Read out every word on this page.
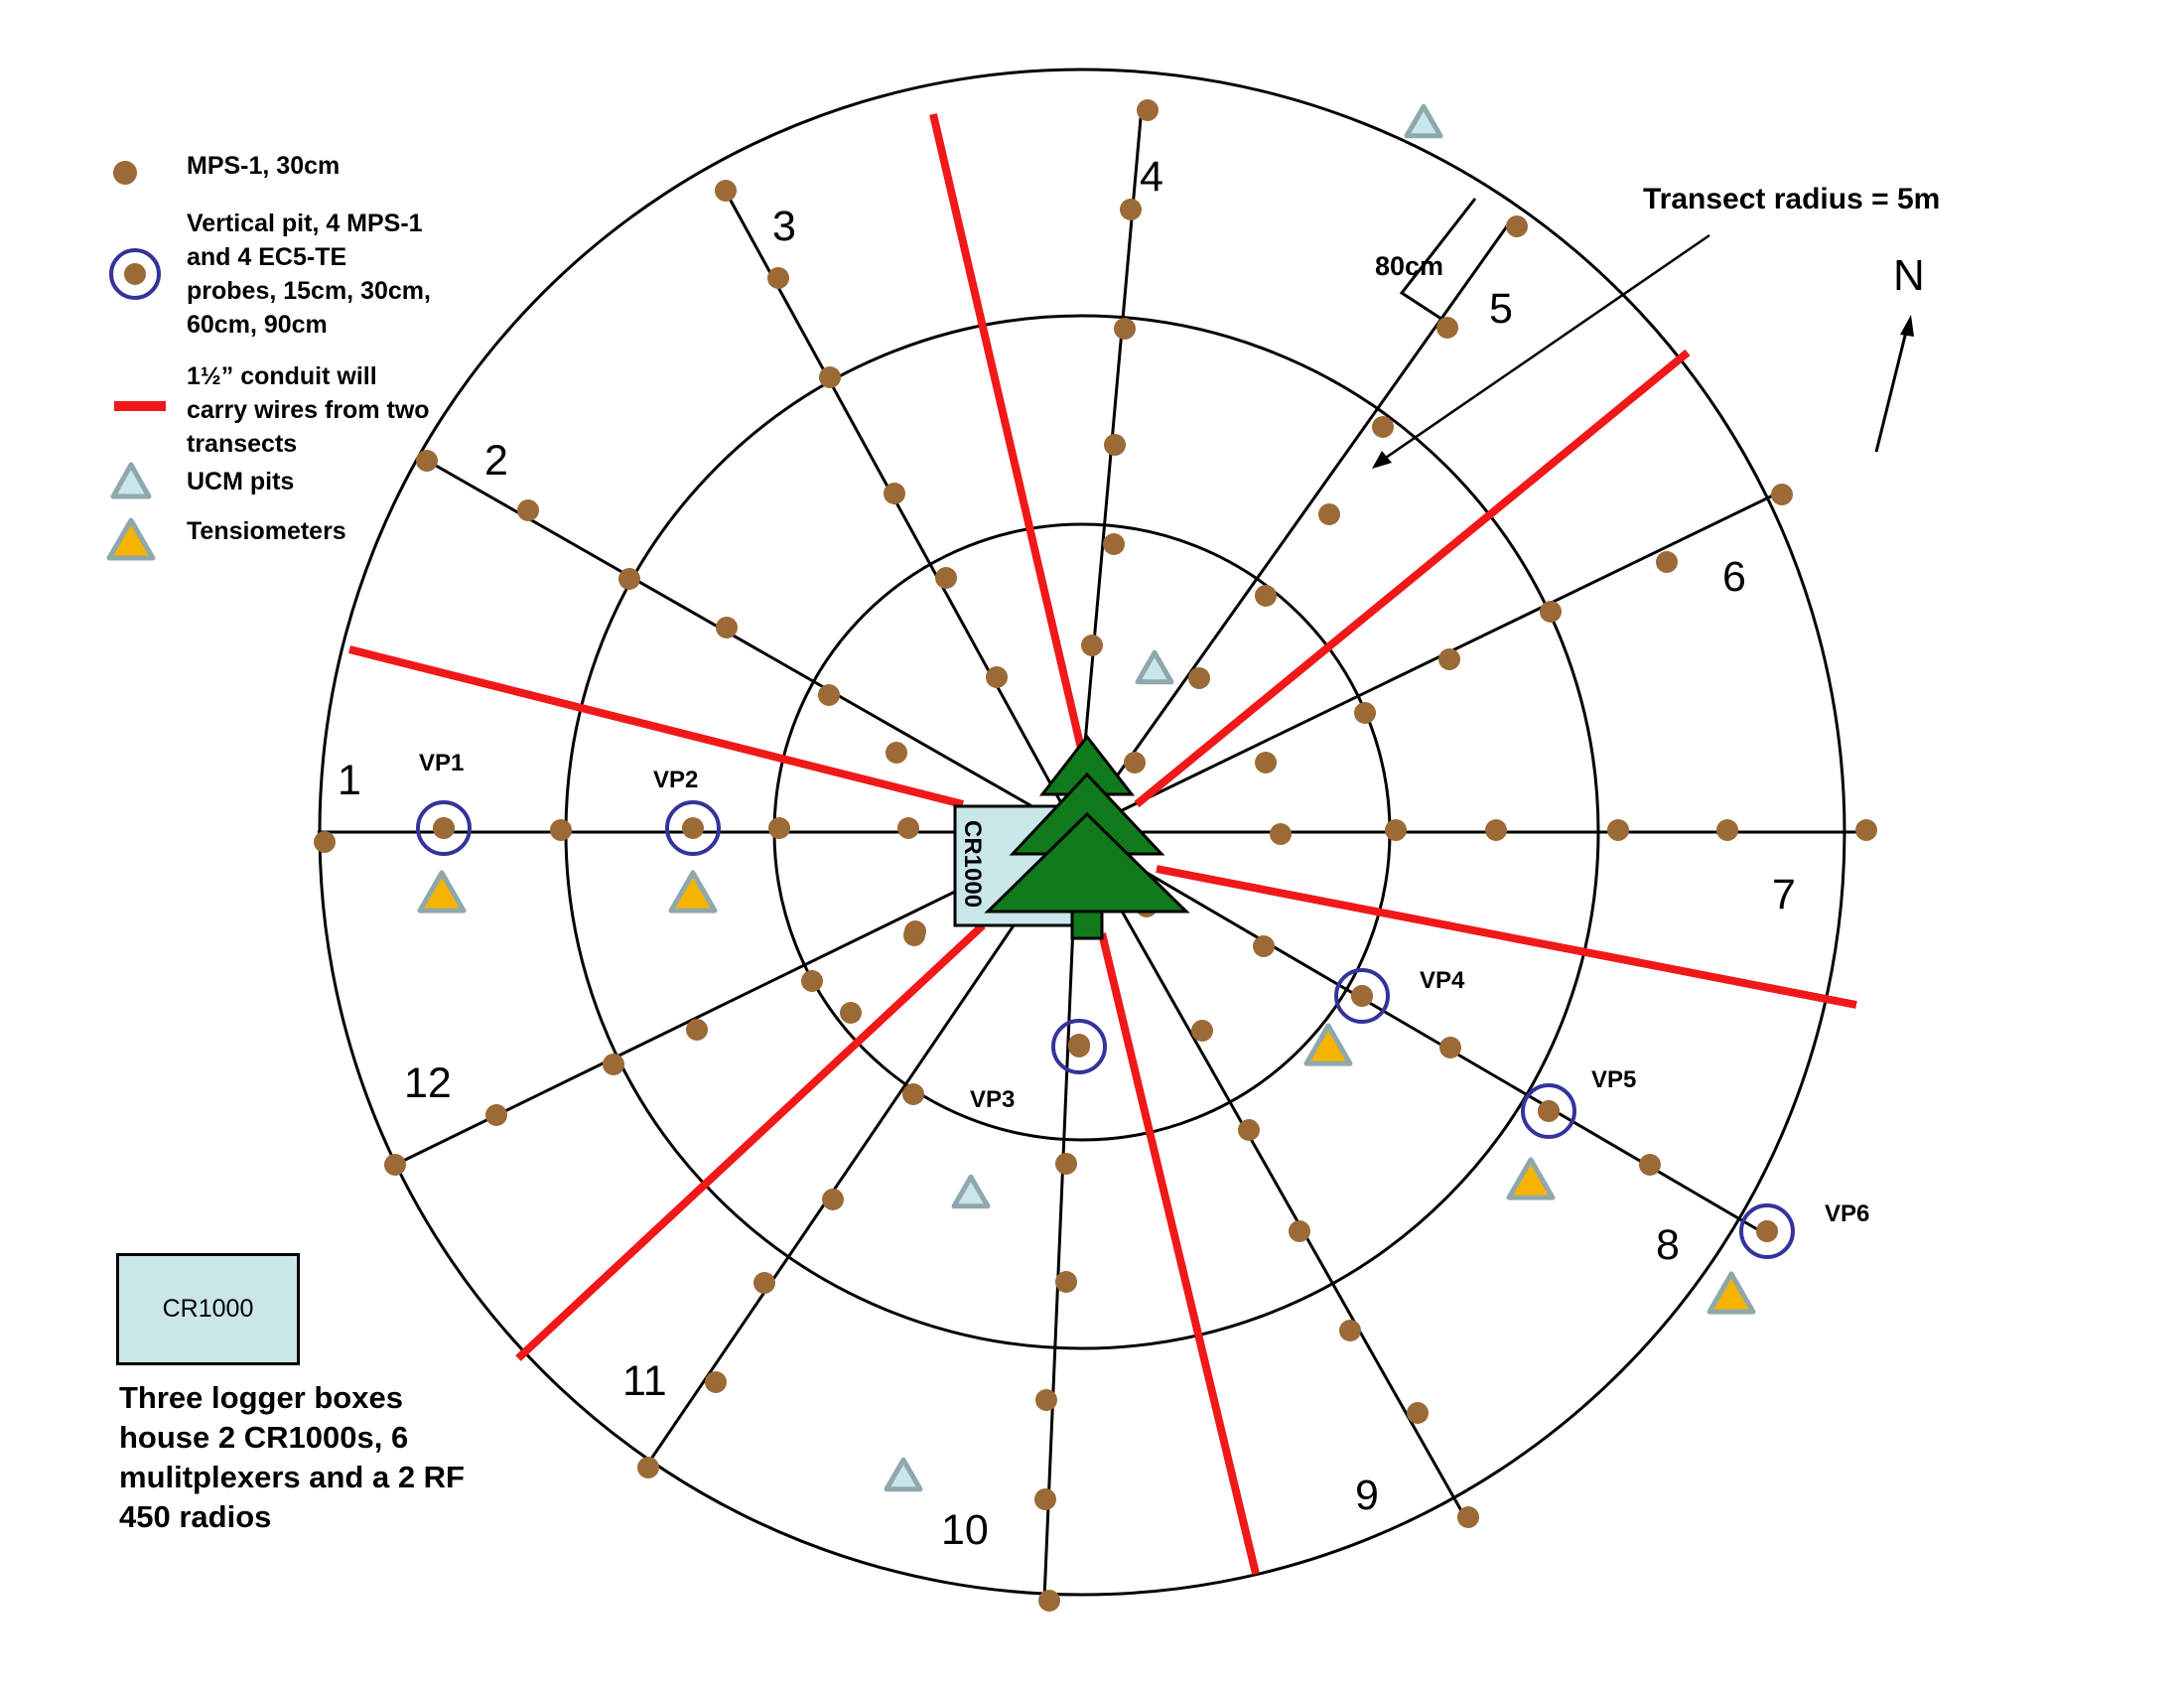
CR1000
1
2
3
4
5
6
7
8
9
10
11
12
VP1
VP2
VP3
VP4
VP5
VP6
Transect radius = 5m
80cm	N
MPS-1, 30cm
Vertical pit, 4 MPS-1
and 4 EC5-TE
probes, 15cm, 30cm,
60cm, 90cm
1½” conduit will
carry wires from two
transects
UCM pits
Tensiometers
CR1000
Three logger boxes house 2 CR1000s, 6 mulitplexers and a 2 RF 450 radios
